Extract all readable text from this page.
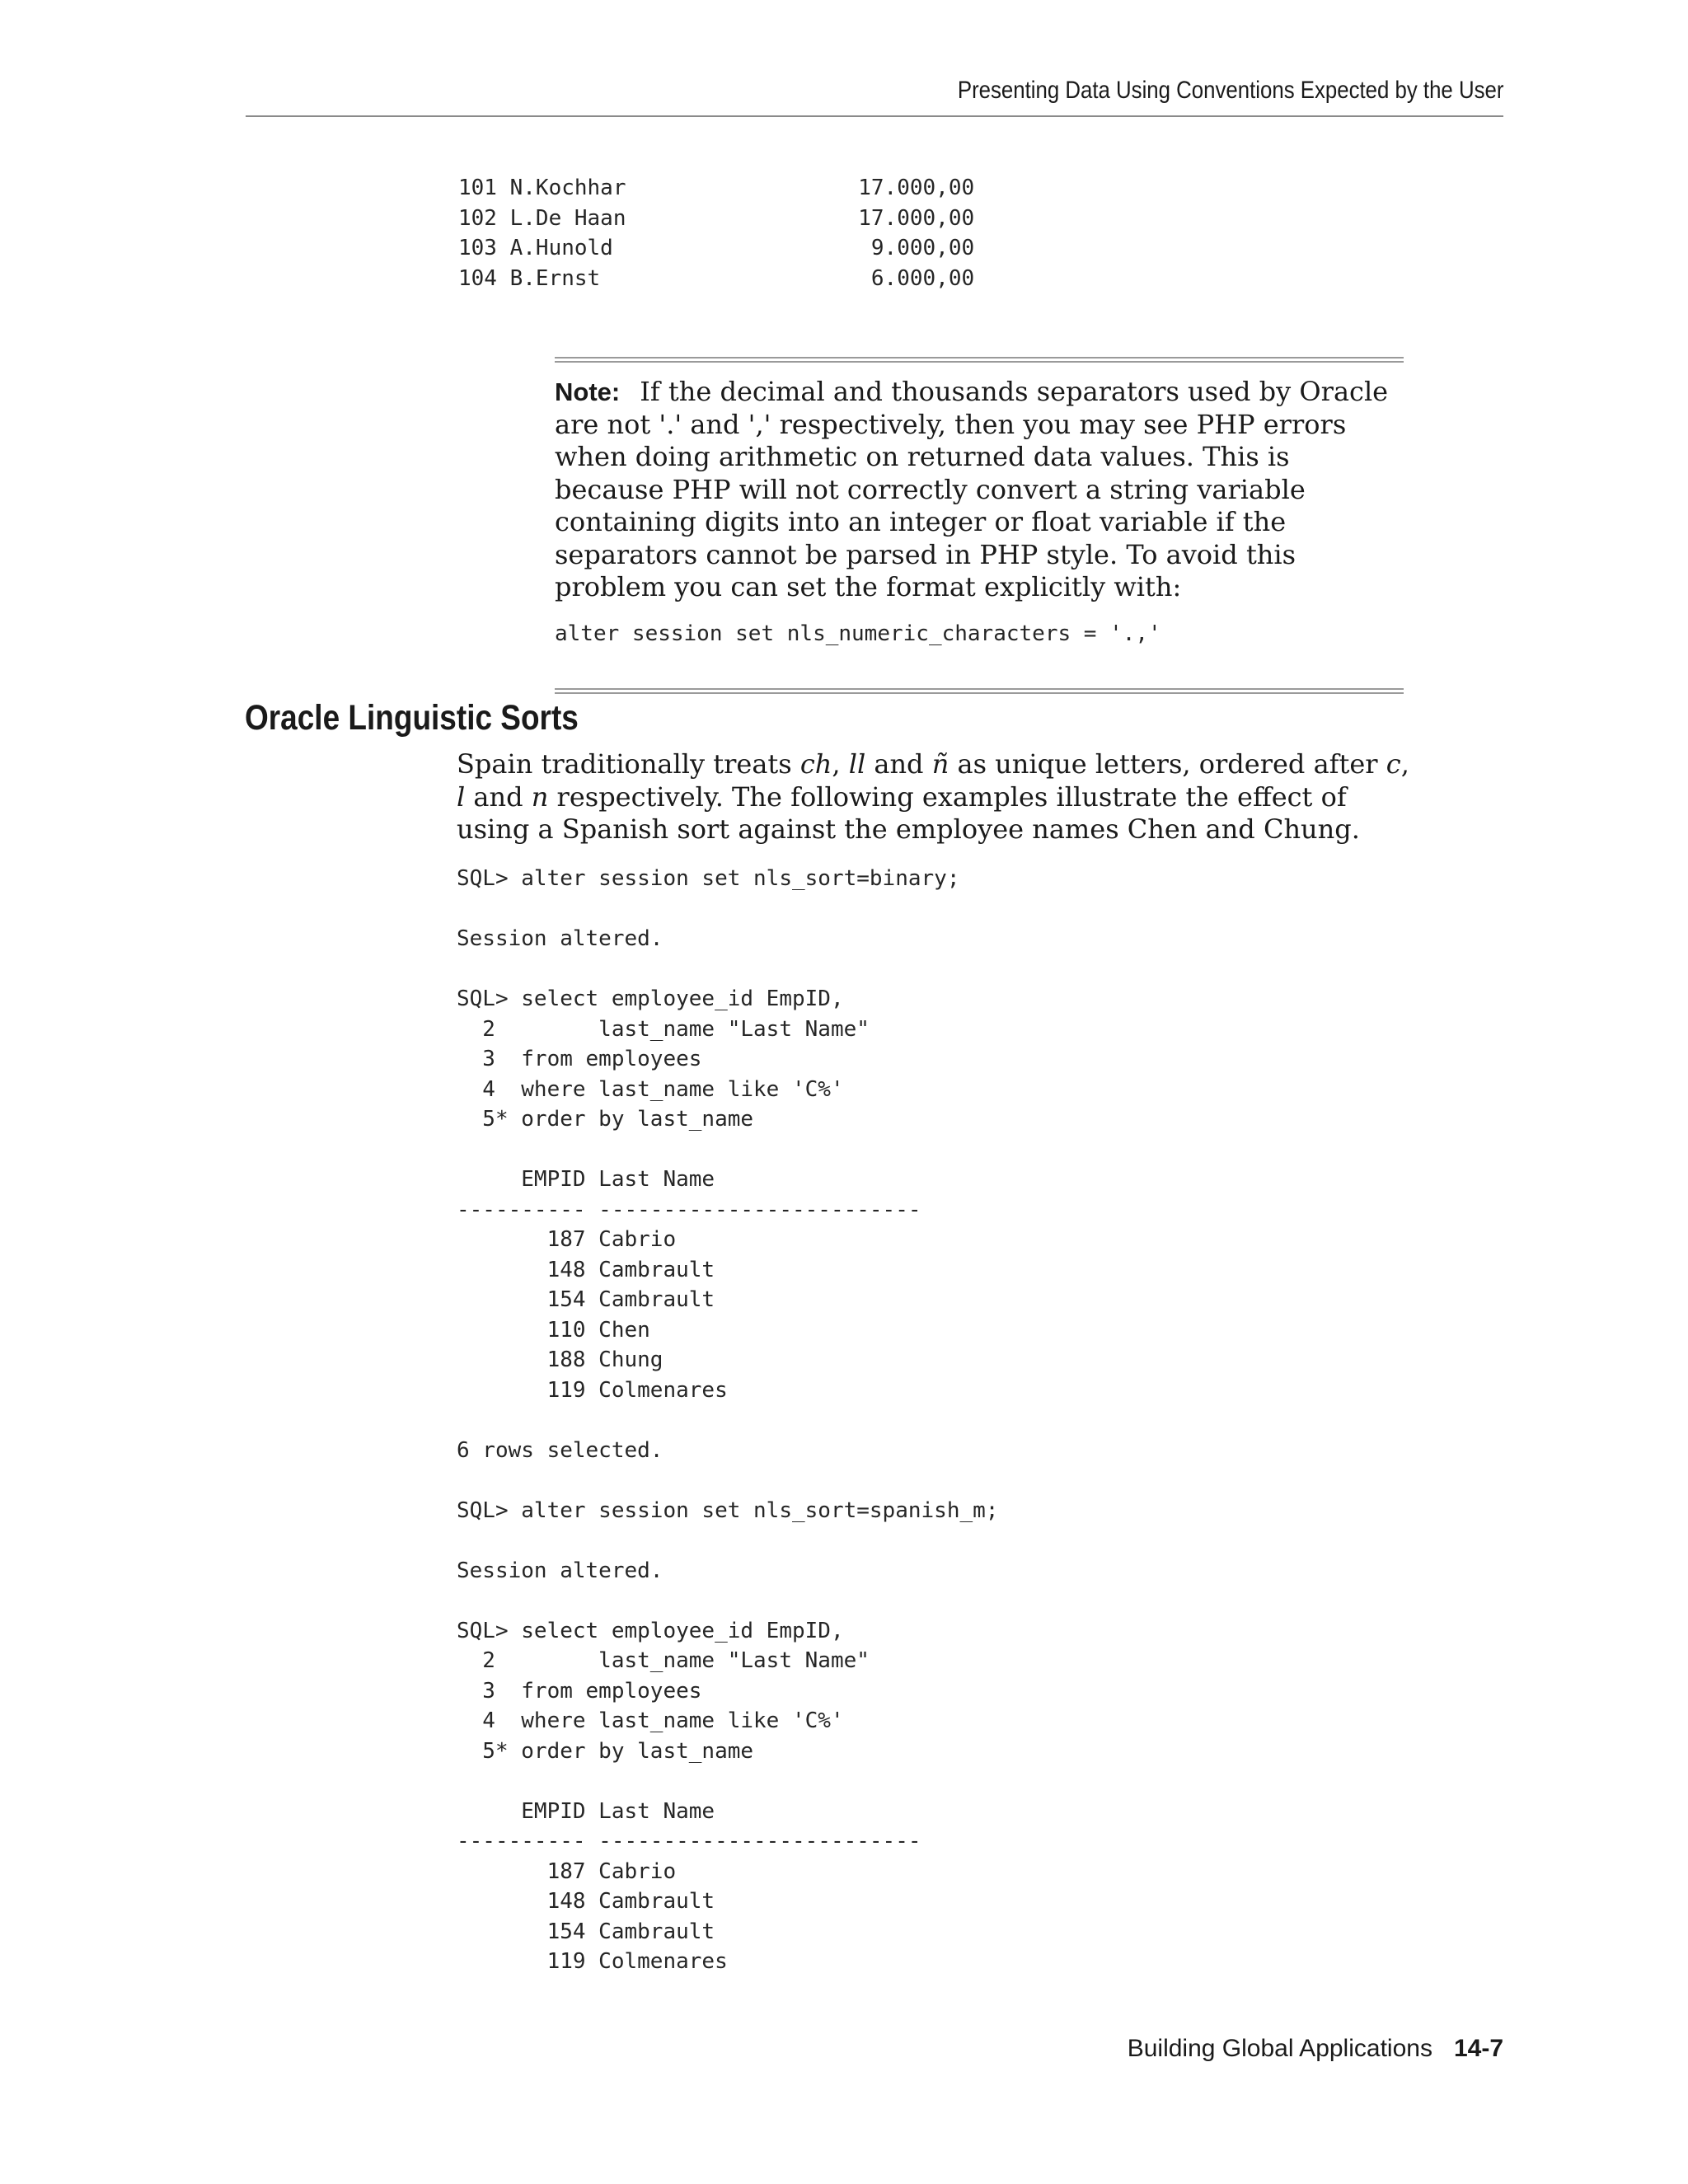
Presenting Data Using Conventions Expected by the User
101 N.Kochhar                  17.000,00
102 L.De Haan                  17.000,00
103 A.Hunold                    9.000,00
104 B.Ernst                     6.000,00
Note: If the decimal and thousands separators used by Oracle are not '.' and ',' respectively, then you may see PHP errors when doing arithmetic on returned data values. This is because PHP will not correctly convert a string variable containing digits into an integer or float variable if the separators cannot be parsed in PHP style. To avoid this problem you can set the format explicitly with:
alter session set nls_numeric_characters = '.,'
Oracle Linguistic Sorts

Spain traditionally treats ch, ll and ñ as unique letters, ordered after c, l and n respectively. The following examples illustrate the effect of using a Spanish sort against the employee names Chen and Chung.

SQL> alter session set nls_sort=binary;

Session altered.

SQL> select employee_id EmpID,
2        last_name "Last Name"
3  from employees
4  where last_name like 'C%'
5* order by last_name

EMPID Last Name
---------- -------------------------
187 Cabrio
148 Cambrault
154 Cambrault
110 Chen
188 Chung
119 Colmenares

6 rows selected.

SQL> alter session set nls_sort=spanish_m;

Session altered.

SQL> select employee_id EmpID,
2        last_name "Last Name"
3  from employees
4  where last_name like 'C%'
5* order by last_name

EMPID Last Name
---------- -------------------------
187 Cabrio
148 Cambrault
154 Cambrault
119 Colmenares
Building Global Applications 14-7
